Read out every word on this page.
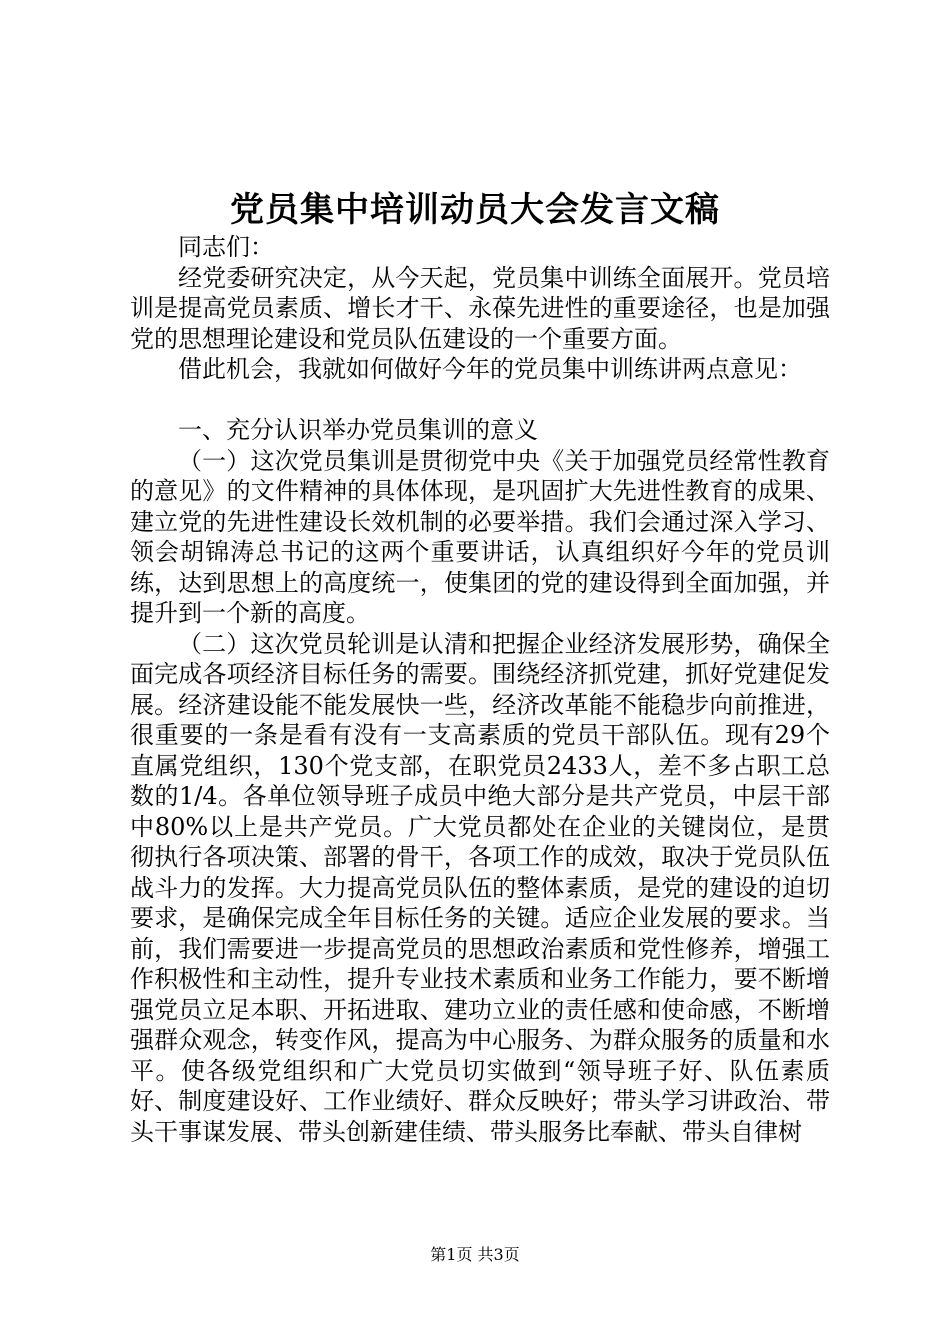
党员集中培训动员大会发言文稿

同志们：

经党委研究决定，从今天起，党员集中训练全面展开。党员培训是提高党员素质、增长才干、永葆先进性的重要途径，也是加强党的思想理论建设和党员队伍建设的一个重要方面。

借此机会，我就如何做好今年的党员集中训练讲两点意见：

一、充分认识举办党员集训的意义

（一）这次党员集训是贯彻党中央《关于加强党员经常性教育的意见》的文件精神的具体体现，是巩固扩大先进性教育的成果、建立党的先进性建设长效机制的必要举措。我们会通过深入学习、领会胡锦涛总书记的这两个重要讲话，认真组织好今年的党员训练，达到思想上的高度统一，使集团的党的建设得到全面加强，并提升到一个新的高度。

（二）这次党员轮训是认清和把握企业经济发展形势，确保全面完成各项经济目标任务的需要。围绕经济抓党建，抓好党建促发展。经济建设能不能发展快一些，经济改革能不能稳步向前推进，很重要的一条是看有没有一支高素质的党员干部队伍。现有29个直属党组织，130个党支部，在职党员2433人，差不多占职工总数的1/4。各单位领导班子成员中绝大部分是共产党员，中层干部中80%以上是共产党员。广大党员都处在企业的关键岗位，是贯彻执行各项决策、部署的骨干，各项工作的成效，取决于党员队伍战斗力的发挥。大力提高党员队伍的整体素质，是党的建设的迫切要求，是确保完成全年目标任务的关键。适应企业发展的要求。当前，我们需要进一步提高党员的思想政治素质和党性修养，增强工作积极性和主动性，提升专业技术素质和业务工作能力，要不断增强党员立足本职、开拓进取、建功立业的责任感和使命感，不断增强群众观念，转变作风，提高为中心服务、为群众服务的质量和水平。使各级党组织和广大党员切实做到“领导班子好、队伍素质好、制度建设好、工作业绩好、群众反映好；带头学习讲政治、带头干事谋发展、带头创新建佳绩、带头服务比奉献、带头自律树

第1页 共3页
